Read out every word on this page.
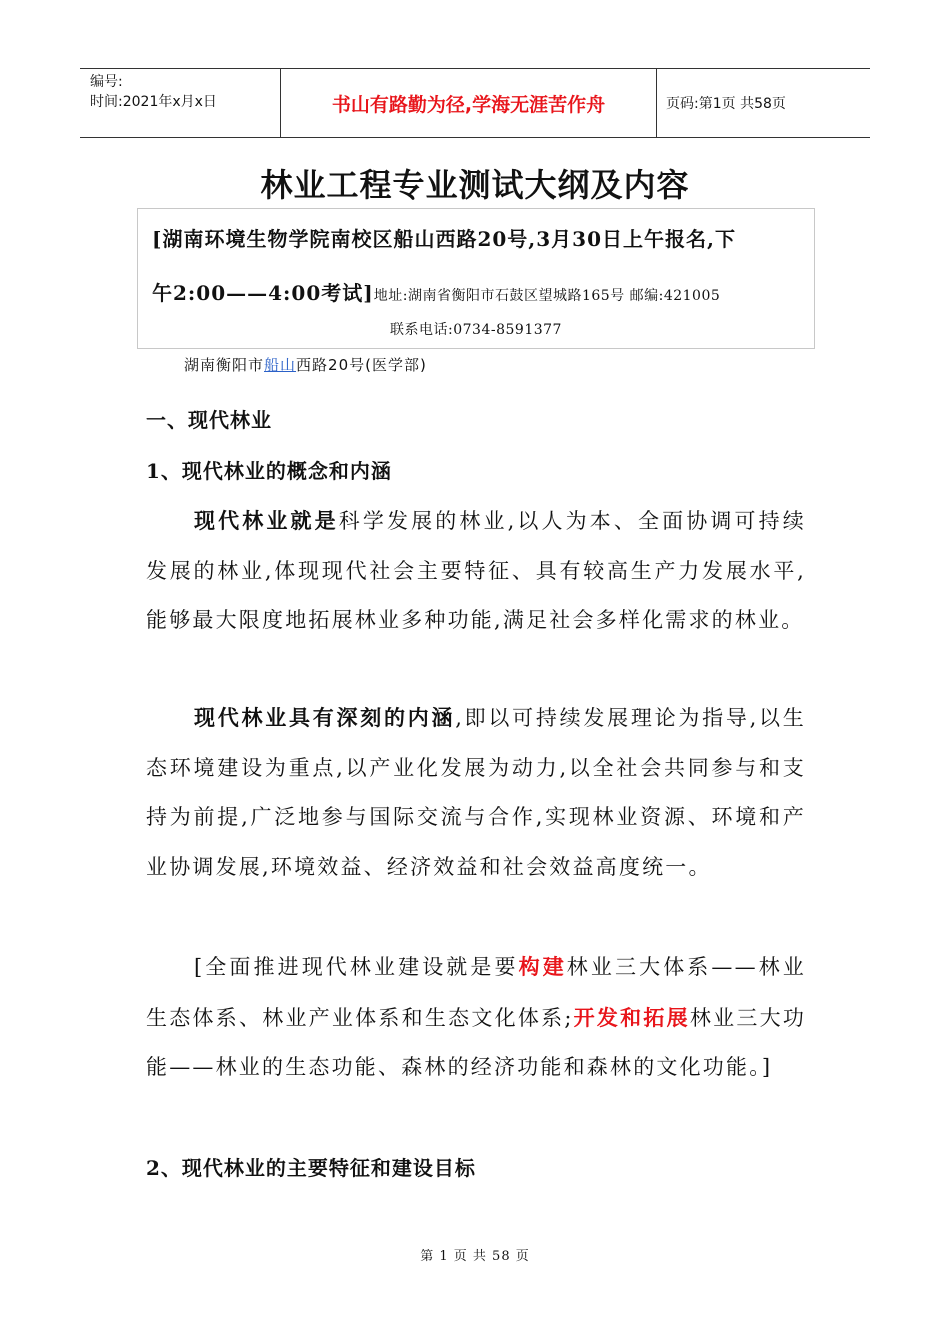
编号:
时间:2021年x月x日	书山有路勤为径,学海无涯苦作舟	页码:第1页 共58页
林业工程专业测试大纲及内容
[湖南环境生物学院南校区船山西路20号,3月30日上午报名,下
午2:00——4:00考试]地址:湖南省衡阳市石鼓区望城路165号 邮编:421005
联系电话:0734-8591377
湖南衡阳市船山西路20号(医学部)
一、现代林业
1、现代林业的概念和内涵
现代林业就是科学发展的林业,以人为本、全面协调可持续发展的林业,体现现代社会主要特征、具有较高生产力发展水平,能够最大限度地拓展林业多种功能,满足社会多样化需求的林业。
现代林业具有深刻的内涵,即以可持续发展理论为指导,以生态环境建设为重点,以产业化发展为动力,以全社会共同参与和支持为前提,广泛地参与国际交流与合作,实现林业资源、环境和产业协调发展,环境效益、经济效益和社会效益高度统一。
[全面推进现代林业建设就是要构建林业三大体系——林业生态体系、林业产业体系和生态文化体系;开发和拓展林业三大功能——林业的生态功能、森林的经济功能和森林的文化功能。]
2、现代林业的主要特征和建设目标
第 1 页 共 58 页
